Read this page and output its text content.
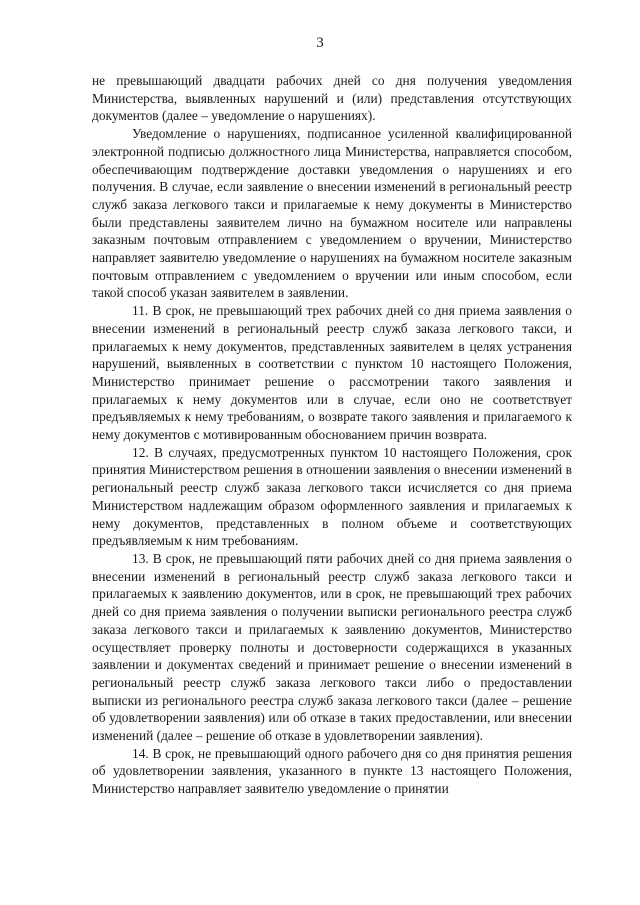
3

не превышающий двадцати рабочих дней со дня получения уведомления Министерства, выявленных нарушений и (или) представления отсутствующих документов (далее – уведомление о нарушениях).

Уведомление о нарушениях, подписанное усиленной квалифицированной электронной подписью должностного лица Министерства, направляется способом, обеспечивающим подтверждение доставки уведомления о нарушениях и его получения. В случае, если заявление о внесении изменений в региональный реестр служб заказа легкового такси и прилагаемые к нему документы в Министерство были представлены заявителем лично на бумажном носителе или направлены заказным почтовым отправлением с уведомлением о вручении, Министерство направляет заявителю уведомление о нарушениях на бумажном носителе заказным почтовым отправлением с уведомлением о вручении или иным способом, если такой способ указан заявителем в заявлении.

11. В срок, не превышающий трех рабочих дней со дня приема заявления о внесении изменений в региональный реестр служб заказа легкового такси, и прилагаемых к нему документов, представленных заявителем в целях устранения нарушений, выявленных в соответствии с пунктом 10 настоящего Положения, Министерство принимает решение о рассмотрении такого заявления и прилагаемых к нему документов или в случае, если оно не соответствует предъявляемых к нему требованиям, о возврате такого заявления и прилагаемого к нему документов с мотивированным обоснованием причин возврата.

12. В случаях, предусмотренных пунктом 10 настоящего Положения, срок принятия Министерством решения в отношении заявления о внесении изменений в региональный реестр служб заказа легкового такси исчисляется со дня приема Министерством надлежащим образом оформленного заявления и прилагаемых к нему документов, представленных в полном объеме и соответствующих предъявляемым к ним требованиям.

13. В срок, не превышающий пяти рабочих дней со дня приема заявления о внесении изменений в региональный реестр служб заказа легкового такси и прилагаемых к заявлению документов, или в срок, не превышающий трех рабочих дней со дня приема заявления о получении выписки регионального реестра служб заказа легкового такси и прилагаемых к заявлению документов, Министерство осуществляет проверку полноты и достоверности содержащихся в указанных заявлении и документах сведений и принимает решение о внесении изменений в региональный реестр служб заказа легкового такси либо о предоставлении выписки из регионального реестра служб заказа легкового такси (далее – решение об удовлетворении заявления) или об отказе в таких предоставлении, или внесении изменений (далее – решение об отказе в удовлетворении заявления).

14. В срок, не превышающий одного рабочего дня со дня принятия решения об удовлетворении заявления, указанного в пункте 13 настоящего Положения, Министерство направляет заявителю уведомление о принятии
